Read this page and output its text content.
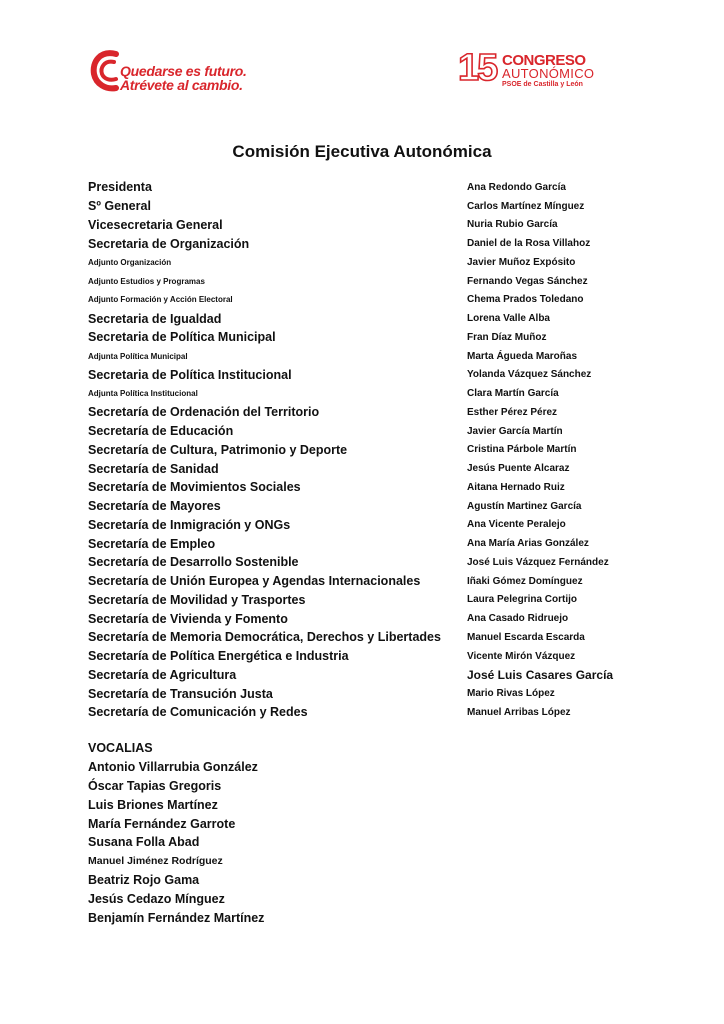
Quedarse es futuro.
Atrévete al cambio.	15 CONGRESO
AUTONÓMICO
PSOE de Castilla y León
Comisión Ejecutiva Autonómica
Presidenta
Sº General
Vicesecretaria General
Secretaria de Organización
Adjunto Organización
Adjunto Estudios y Programas
Adjunto Formación y Acción Electoral
Secretaria de Igualdad
Secretaria de Política Municipal
Adjunta Política Municipal
Secretaria de Política Institucional
Adjunta Política Institucional
Secretaría de Ordenación del Territorio
Secretaría de Educación
Secretaría de Cultura, Patrimonio y Deporte
Secretaría de Sanidad
Secretaría de Movimientos Sociales
Secretaría de Mayores
Secretaría de Inmigración y ONGs
Secretaría de Empleo
Secretaría de Desarrollo Sostenible
Secretaría de Unión Europea y Agendas Internacionales
Secretaría de Movilidad y Trasportes
Secretaría de Vivienda y Fomento
Secretaría de Memoria Democrática, Derechos y Libertades
Secretaría de Política Energética e Industria
Secretaría de Agricultura
Secretaría de Transución Justa
Secretaría de Comunicación y Redes
Ana Redondo García
Carlos Martínez Mínguez
Nuria Rubio García
Daniel de la Rosa Villahoz
Javier Muñoz Expósito
Fernando Vegas Sánchez
Chema Prados Toledano
Lorena Valle Alba
Fran Díaz Muñoz
Marta Águeda Maroñas
Yolanda Vázquez Sánchez
Clara Martín García
Esther Pérez Pérez
Javier García Martín
Cristina Párbole Martín
Jesús Puente Alcaraz
Aitana Hernado Ruiz
Agustín Martinez García
Ana Vicente Peralejo
Ana María Arias González
José Luis Vázquez Fernández
Iñaki Gómez Domínguez
Laura Pelegrina Cortijo
Ana Casado Ridruejo
Manuel Escarda Escarda
Vicente Mirón Vázquez
José Luis Casares García
Mario Rivas López
Manuel Arribas López
VOCALIAS
Antonio Villarrubia González
Óscar Tapias Gregoris
Luis Briones Martínez
María Fernández Garrote
Susana Folla Abad
Manuel Jiménez Rodríguez
Beatriz Rojo Gama
Jesús Cedazo Mínguez
Benjamín Fernández Martínez
